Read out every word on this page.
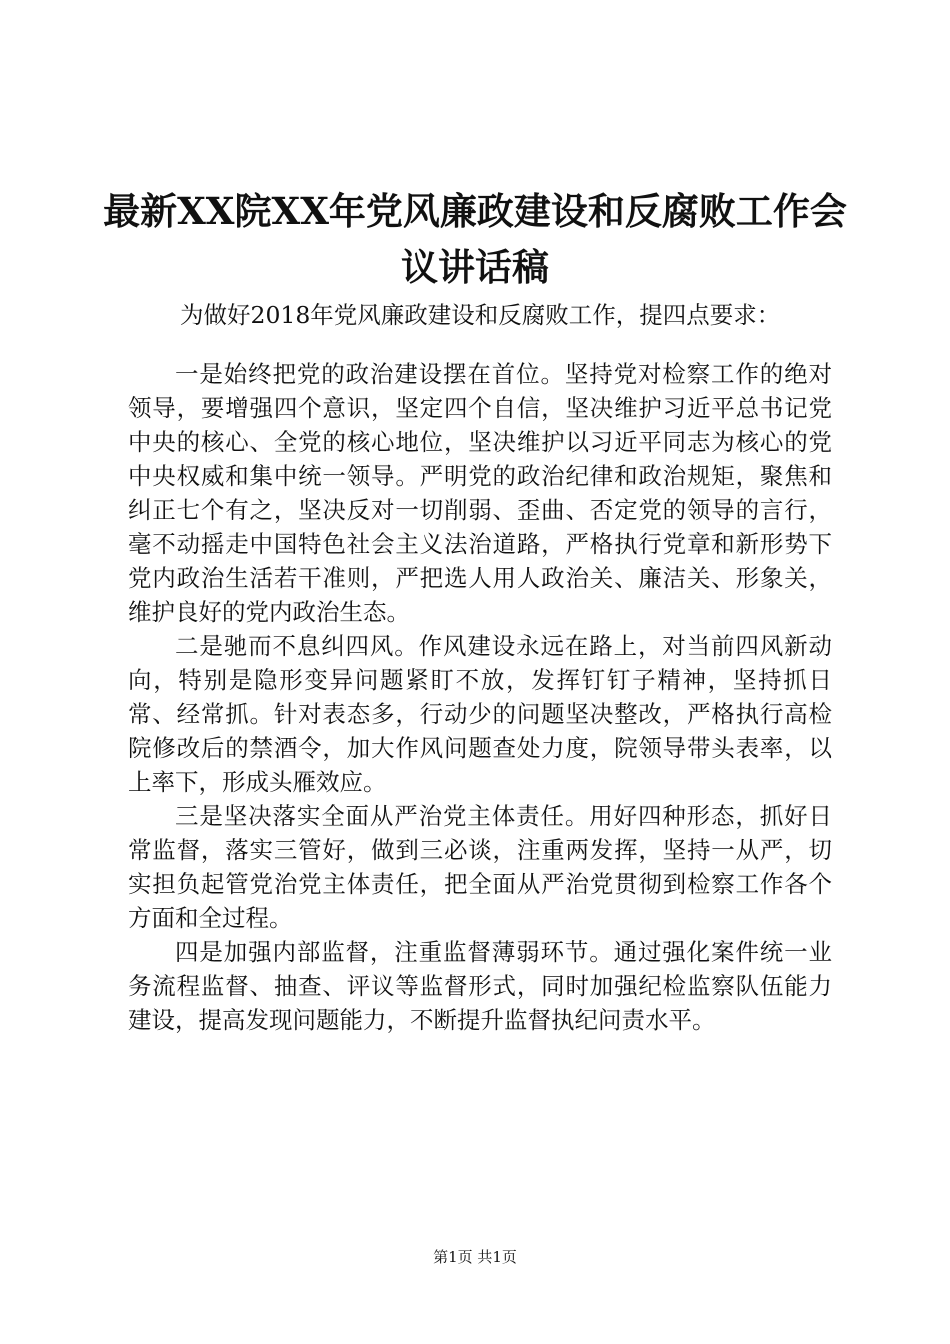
最新XX院XX年党风廉政建设和反腐败工作会议讲话稿
为做好2018年党风廉政建设和反腐败工作，提四点要求：

一是始终把党的政治建设摆在首位。坚持党对检察工作的绝对领导，要增强四个意识，坚定四个自信，坚决维护习近平总书记党中央的核心、全党的核心地位，坚决维护以习近平同志为核心的党中央权威和集中统一领导。严明党的政治纪律和政治规矩，聚焦和纠正七个有之，坚决反对一切削弱、歪曲、否定党的领导的言行，毫不动摇走中国特色社会主义法治道路，严格执行党章和新形势下党内政治生活若干准则，严把选人用人政治关、廉洁关、形象关，维护良好的党内政治生态。

二是驰而不息纠四风。作风建设永远在路上，对当前四风新动向，特别是隐形变异问题紧盯不放，发挥钉钉子精神，坚持抓日常、经常抓。针对表态多，行动少的问题坚决整改，严格执行高检院修改后的禁酒令，加大作风问题查处力度，院领导带头表率，以上率下，形成头雁效应。

三是坚决落实全面从严治党主体责任。用好四种形态，抓好日常监督，落实三管好，做到三必谈，注重两发挥，坚持一从严，切实担负起管党治党主体责任，把全面从严治党贯彻到检察工作各个方面和全过程。

四是加强内部监督，注重监督薄弱环节。通过强化案件统一业务流程监督、抽查、评议等监督形式，同时加强纪检监察队伍能力建设，提高发现问题能力，不断提升监督执纪问责水平。

第1页 共1页
